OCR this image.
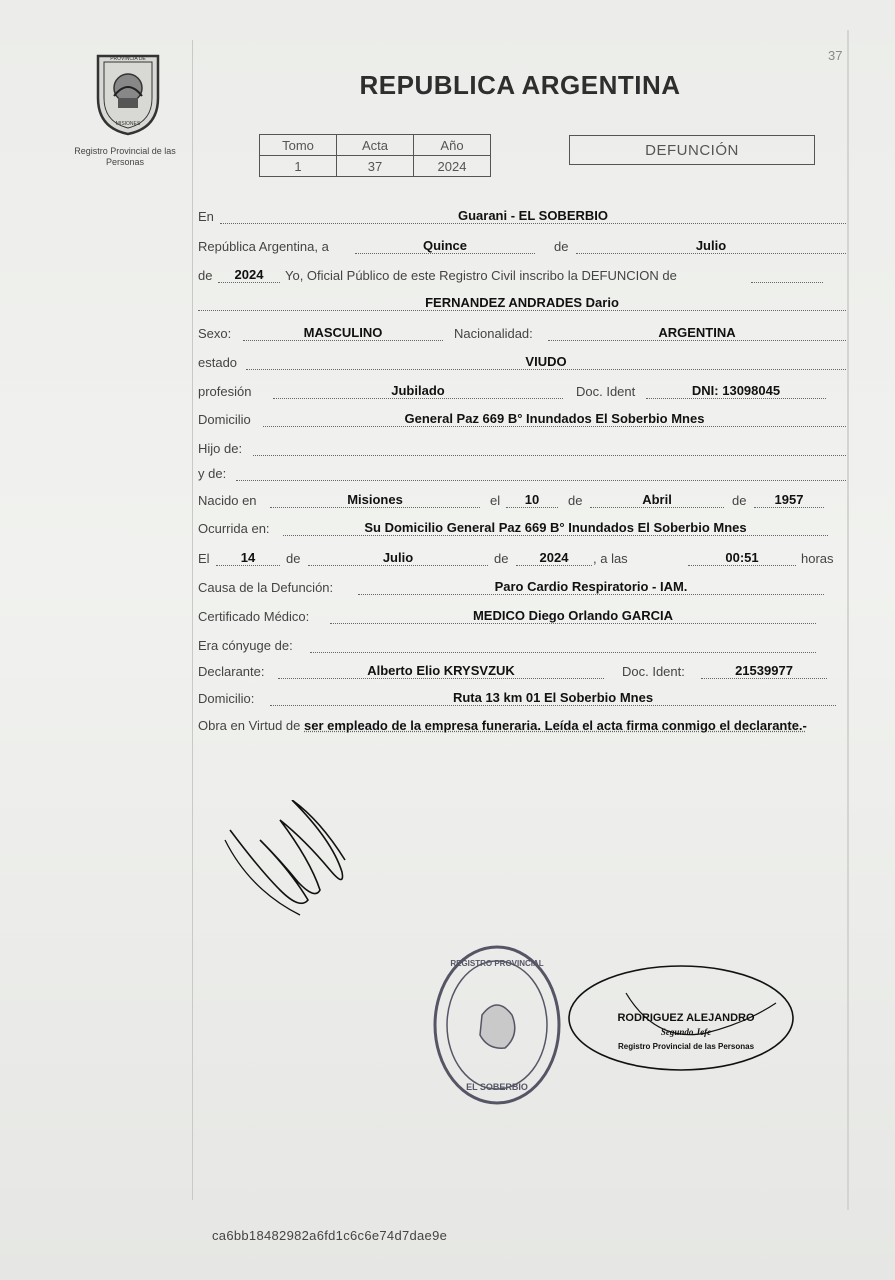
37
PROVINCIA DE
MISIONES
Registro Provincial de las Personas
REPUBLICA ARGENTINA
Tomo	Acta	Año
1	37	2024
DEFUNCIÓN
En	Guarani - EL SOBERBIO
República Argentina, a	Quince	de	Julio
de	2024	Yo, Oficial Público de este Registro Civil inscribo la DEFUNCION de
FERNANDEZ ANDRADES Dario
Sexo:	MASCULINO	Nacionalidad:	ARGENTINA
estado	VIUDO
profesión	Jubilado	Doc. Ident	DNI: 13098045
Domicilio	General Paz 669 B° Inundados El Soberbio Mnes
Hijo de:
y de:
Nacido en	Misiones	el	10	de	Abril	de	1957
Ocurrida en:	Su Domicilio General Paz 669 B° Inundados El Soberbio Mnes
El	14	de	Julio	de	2024	, a las	00:51	horas
Causa de la Defunción:	Paro Cardio Respiratorio - IAM.
Certificado Médico:	MEDICO Diego Orlando GARCIA
Era cónyuge de:
Declarante:	Alberto Elio KRYSVZUK	Doc. Ident:	21539977
Domicilio:	Ruta 13 km 01 El Soberbio Mnes
Obra en Virtud de ser empleado de la empresa funeraria. Leída el acta firma conmigo el declarante.-
REGISTRO PROVINCIAL
EL SOBERBIO
RODRIGUEZ ALEJANDRO
Segundo Jefe
Registro Provincial de las Personas
ca6bb18482982a6fd1c6c6e74d7dae9e
